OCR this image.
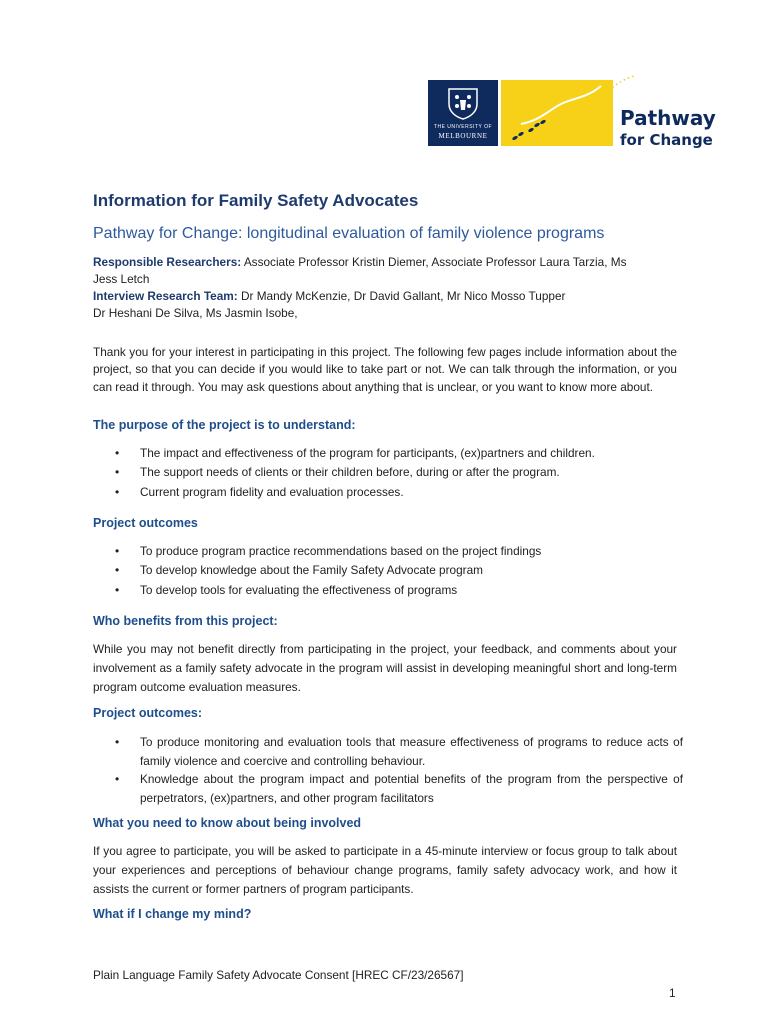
THE UNIVERSITY OF
MELBOURNE
Pathway
for Change
Information for Family Safety Advocates
Pathway for Change: longitudinal evaluation of family violence programs
Responsible Researchers: Associate Professor Kristin Diemer, Associate Professor Laura Tarzia, Ms
Jess Letch
Interview Research Team: Dr Mandy McKenzie, Dr David Gallant, Mr Nico Mosso Tupper
Dr Heshani De Silva, Ms Jasmin Isobe,
Thank you for your interest in participating in this project. The following few pages include information about the project, so that you can decide if you would like to take part or not. We can talk through the information, or you can read it through. You may ask questions about anything that is unclear, or you want to know more about.
The purpose of the project is to understand:
• The impact and effectiveness of the program for participants, (ex)partners and children.
• The support needs of clients or their children before, during or after the program.
• Current program fidelity and evaluation processes.
Project outcomes
• To produce program practice recommendations based on the project findings
• To develop knowledge about the Family Safety Advocate program
• To develop tools for evaluating the effectiveness of programs
Who benefits from this project:
While you may not benefit directly from participating in the project, your feedback, and comments about your involvement as a family safety advocate in the program will assist in developing meaningful short and long-term program outcome evaluation measures.
Project outcomes:
• To produce monitoring and evaluation tools that measure effectiveness of programs to reduce acts of family violence and coercive and controlling behaviour.
• Knowledge about the program impact and potential benefits of the program from the perspective of perpetrators, (ex)partners, and other program facilitators
What you need to know about being involved
If you agree to participate, you will be asked to participate in a 45-minute interview or focus group to talk about your experiences and perceptions of behaviour change programs, family safety advocacy work, and how it assists the current or former partners of program participants.
What if I change my mind?
Plain Language Family Safety Advocate Consent [HREC CF/23/26567]
1
